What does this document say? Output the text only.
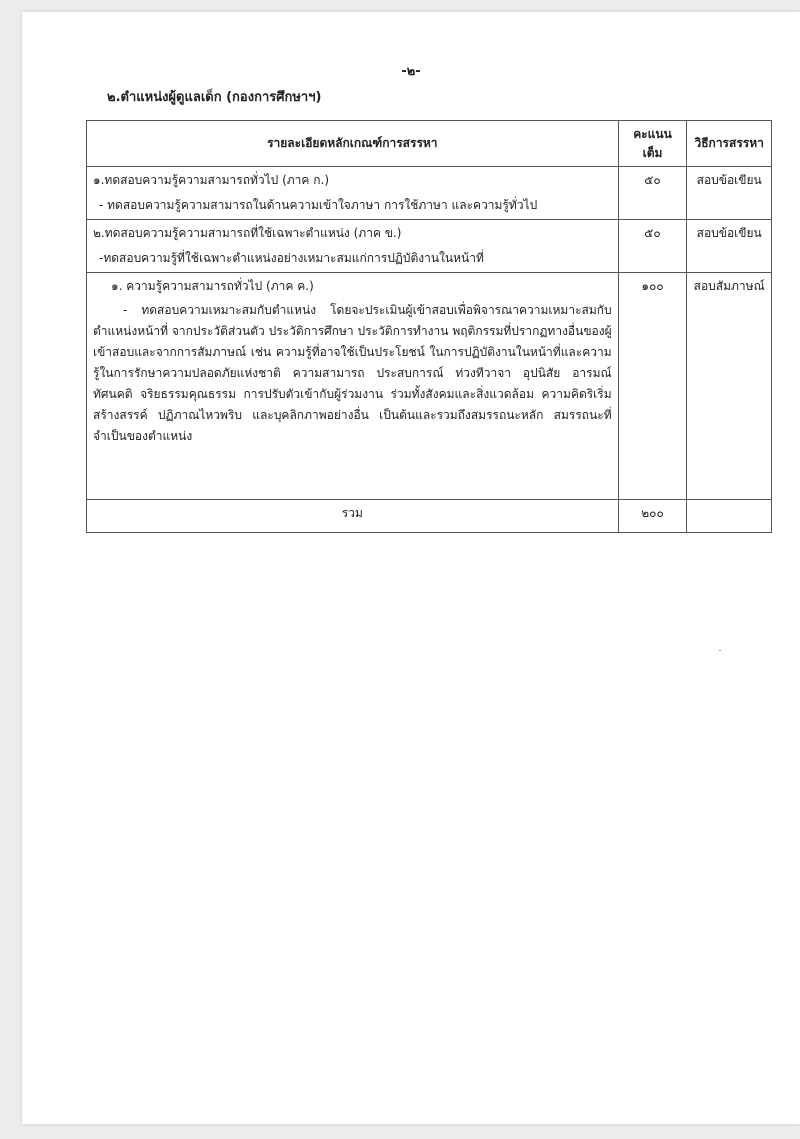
-๒-
๒.ตำแหน่งผู้ดูแลเด็ก (กองการศึกษาฯ)
รายละเอียดหลักเกณฑ์การสรรหา	คะแนนเต็ม	วิธีการสรรหา

๑.ทดสอบความรู้ความสามารถทั่วไป (ภาค ก.)
- ทดสอบความรู้ความสามารถในด้านความเข้าใจภาษา การใช้ภาษา และความรู้ทั่วไป	๕๐	สอบข้อเขียน

๒.ทดสอบความรู้ความสามารถที่ใช้เฉพาะตำแหน่ง (ภาค ข.)
-ทดสอบความรู้ที่ใช้เฉพาะตำแหน่งอย่างเหมาะสมแก่การปฏิบัติงานในหน้าที่	๕๐	สอบข้อเขียน

๑. ความรู้ความสามารถทั่วไป (ภาค ค.)
- ทดสอบความเหมาะสมกับตำแหน่ง โดยจะประเมินผู้เข้าสอบเพื่อพิจารณาความเหมาะสมกับตำแหน่งหน้าที่ จากประวัติส่วนตัว ประวัติการศึกษา ประวัติการทำงาน พฤติกรรมที่ปรากฏทางอื่นของผู้เข้าสอบและจากการสัมภาษณ์ เช่น ความรู้ที่อาจใช้เป็นประโยชน์ ในการปฏิบัติงานในหน้าที่และความรู้ในการรักษาความปลอดภัยแห่งชาติ ความสามารถ ประสบการณ์ ท่วงทีวาจา อุปนิสัย อารมณ์ ทัศนคติ จริยธรรมคุณธรรม การปรับตัวเข้ากับผู้ร่วมงาน ร่วมทั้งสังคมและสิ่งแวดล้อม ความคิดริเริ่มสร้างสรรค์ ปฏิภาณไหวพริบ และบุคลิกภาพอย่างอื่น เป็นต้นและรวมถึงสมรรถนะหลัก สมรรถนะที่จำเป็นของตำแหน่ง	๑๐๐	สอบสัมภาษณ์
รวม	๒๐๐	
